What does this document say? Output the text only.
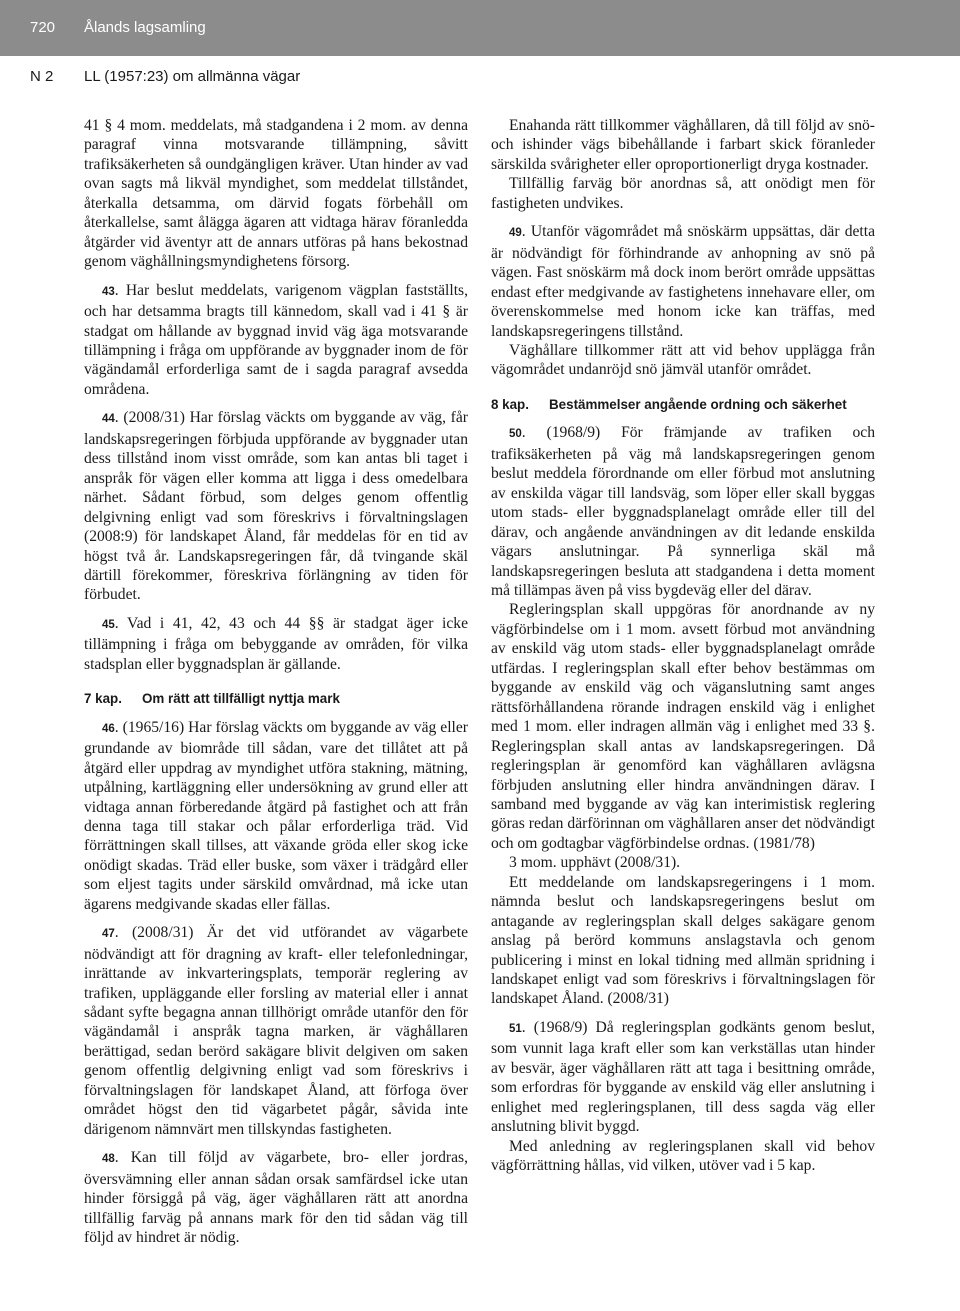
720 Ålands lagsamling
N 2 LL (1957:23) om allmänna vägar

41 § 4 mom. meddelats, må stadgandena i 2 mom. av denna paragraf vinna motsvarande tillämpning, såvitt trafiksäkerheten så oundgängligen kräver. Utan hinder av vad ovan sagts må likväl myndighet, som meddelat tillståndet, återkalla detsamma, om därvid fogats förbehåll om återkallelse, samt ålägga ägaren att vidtaga härav föranledda åtgärder vid äventyr att de annars utföras på hans bekostnad genom väghållningsmyndighetens försorg.

43. Har beslut meddelats, varigenom vägplan fastställts, och har detsamma bragts till kännedom, skall vad i 41 § är stadgat om hållande av byggnad invid väg äga motsvarande tillämpning i fråga om uppförande av byggnader inom de för vägändamål erforderliga samt de i sagda paragraf avsedda områdena.

44. (2008/31) Har förslag väckts om byggande av väg, får landskapsregeringen förbjuda uppförande av byggnader utan dess tillstånd inom visst område, som kan antas bli taget i anspråk för vägen eller komma att ligga i dess omedelbara närhet. Sådant förbud, som delges genom offentlig delgivning enligt vad som föreskrivs i förvaltningslagen (2008:9) för landskapet Åland, får meddelas för en tid av högst två år. Landskapsregeringen får, då tvingande skäl därtill förekommer, föreskriva förlängning av tiden för förbudet.

45. Vad i 41, 42, 43 och 44 §§ är stadgat äger icke tillämpning i fråga om bebyggande av områden, för vilka stadsplan eller byggnadsplan är gällande.

7 kap. Om rätt att tillfälligt nyttja mark

46. (1965/16) Har förslag väckts om byggande av väg eller grundande av biområde till sådan, vare det tillåtet att på åtgärd eller uppdrag av myndighet utföra stakning, mätning, utpålning, kartläggning eller undersökning av grund eller att vidtaga annan förberedande åtgärd på fastighet och att från denna taga till stakar och pålar erforderliga träd. Vid förrättningen skall tillses, att växande gröda eller skog icke onödigt skadas. Träd eller buske, som växer i trädgård eller som eljest tagits under särskild omvårdnad, må icke utan ägarens medgivande skadas eller fällas.

47. (2008/31) Är det vid utförandet av vägarbete nödvändigt att för dragning av kraft- eller telefonledningar, inrättande av inkvarteringsplats, temporär reglering av trafiken, uppläggande eller forsling av material eller i annat sådant syfte begagna annan tillhörigt område utanför den för vägändamål i anspråk tagna marken, är väghållaren berättigad, sedan berörd sakägare blivit delgiven om saken genom offentlig delgivning enligt vad som föreskrivs i förvaltningslagen för landskapet Åland, att förfoga över området högst den tid vägarbetet pågår, såvida inte därigenom nämnvärt men tillskyndas fastigheten.

48. Kan till följd av vägarbete, bro- eller jordras, översvämning eller annan sådan orsak samfärdsel icke utan hinder försiggå på väg, äger väghållaren rätt att anordna tillfällig farväg på annans mark för den tid sådan väg till följd av hindret är nödig.

Enahanda rätt tillkommer väghållaren, då till följd av snö- och ishinder vägs bibehållande i farbart skick föranleder särskilda svårigheter eller oproportionerligt dryga kostnader.

Tillfällig farväg bör anordnas så, att onödigt men för fastigheten undvikes.

49. Utanför vägområdet må snöskärm uppsättas, där detta är nödvändigt för förhindrande av anhopning av snö på vägen. Fast snöskärm må dock inom berört område uppsättas endast efter medgivande av fastighetens innehavare eller, om överenskommelse med honom icke kan träffas, med landskapsregeringens tillstånd.

Väghållare tillkommer rätt att vid behov upplägga från vägområdet undanröjd snö jämväl utanför området.

8 kap. Bestämmelser angående ordning och säkerhet

50. (1968/9) För främjande av trafiken och trafiksäkerheten på väg må landskapsregeringen genom beslut meddela förordnande om eller förbud mot anslutning av enskilda vägar till landsväg, som löper eller skall byggas utom stads- eller byggnadsplanelagt område eller till del därav, och angående användningen av dit ledande enskilda vägars anslutningar. På synnerliga skäl må landskapsregeringen besluta att stadgandena i detta moment må tillämpas även på viss bygdeväg eller del därav.

Regleringsplan skall uppgöras för anordnande av ny vägförbindelse om i 1 mom. avsett förbud mot användning av enskild väg utom stads- eller byggnadsplanelagt område utfärdas. I regleringsplan skall efter behov bestämmas om byggande av enskild väg och väganslutning samt anges rättsförhållandena rörande indragen enskild väg i enlighet med 1 mom. eller indragen allmän väg i enlighet med 33 §. Regleringsplan skall antas av landskapsregeringen. Då regleringsplan är genomförd kan väghållaren avlägsna förbjuden anslutning eller hindra användningen därav. I samband med byggande av väg kan interimistisk reglering göras redan därförinnan om väghållaren anser det nödvändigt och om godtagbar vägförbindelse ordnas. (1981/78)

3 mom. upphävt (2008/31).

Ett meddelande om landskapsregeringens i 1 mom. nämnda beslut och landskapsregeringens beslut om antagande av regleringsplan skall delges sakägare genom anslag på berörd kommuns anslagstavla och genom publicering i minst en lokal tidning med allmän spridning i landskapet enligt vad som föreskrivs i förvaltningslagen för landskapet Åland. (2008/31)

51. (1968/9) Då regleringsplan godkänts genom beslut, som vunnit laga kraft eller som kan verkställas utan hinder av besvär, äger väghållaren rätt att taga i besittning område, som erfordras för byggande av enskild väg eller anslutning i enlighet med regleringsplanen, till dess sagda väg eller anslutning blivit byggd.

Med anledning av regleringsplanen skall vid behov vägförrättning hållas, vid vilken, utöver vad i 5 kap.
